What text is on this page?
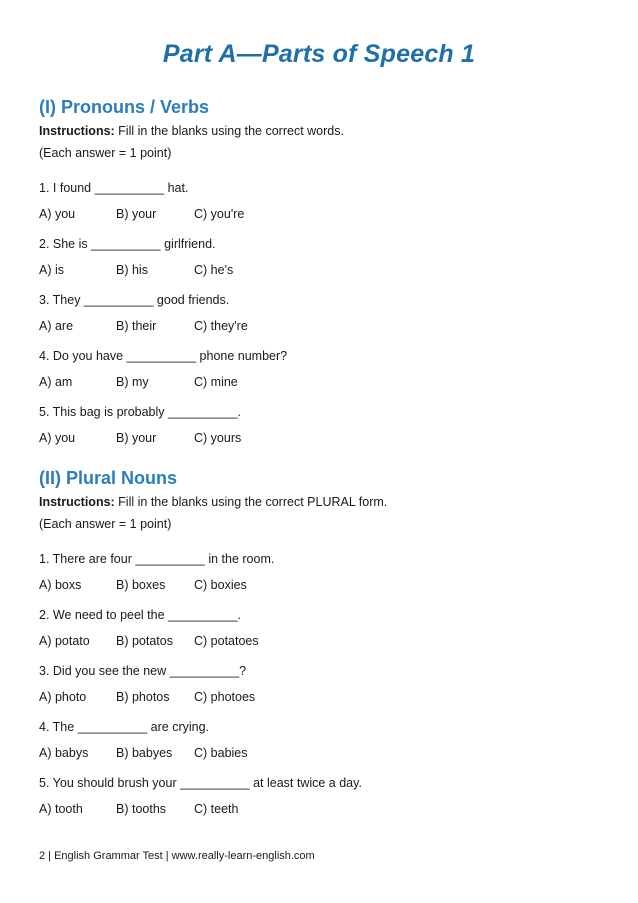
Part A—Parts of Speech 1
(I) Pronouns / Verbs
Instructions: Fill in the blanks using the correct words.
(Each answer = 1 point)
1. I found __________ hat.
A) you	B) your	C) you're
2. She is __________ girlfriend.
A) is	B) his	C) he's
3. They __________ good friends.
A) are	B) their	C) they're
4. Do you have __________ phone number?
A) am	B) my	C) mine
5. This bag is probably __________.
A) you	B) your	C) yours
(II) Plural Nouns
Instructions: Fill in the blanks using the correct PLURAL form.
(Each answer = 1 point)
1. There are four __________ in the room.
A) boxs	B) boxes C) boxies
2. We need to peel the __________.
A) potato B) potatos C) potatoes
3. Did you see the new __________?
A) photo B) photos C) photoes
4. The __________ are crying.
A) babys B) babyes C) babies
5. You should brush your __________ at least twice a day.
A) tooth	B) tooths C) teeth
2 | English Grammar Test | www.really-learn-english.com
